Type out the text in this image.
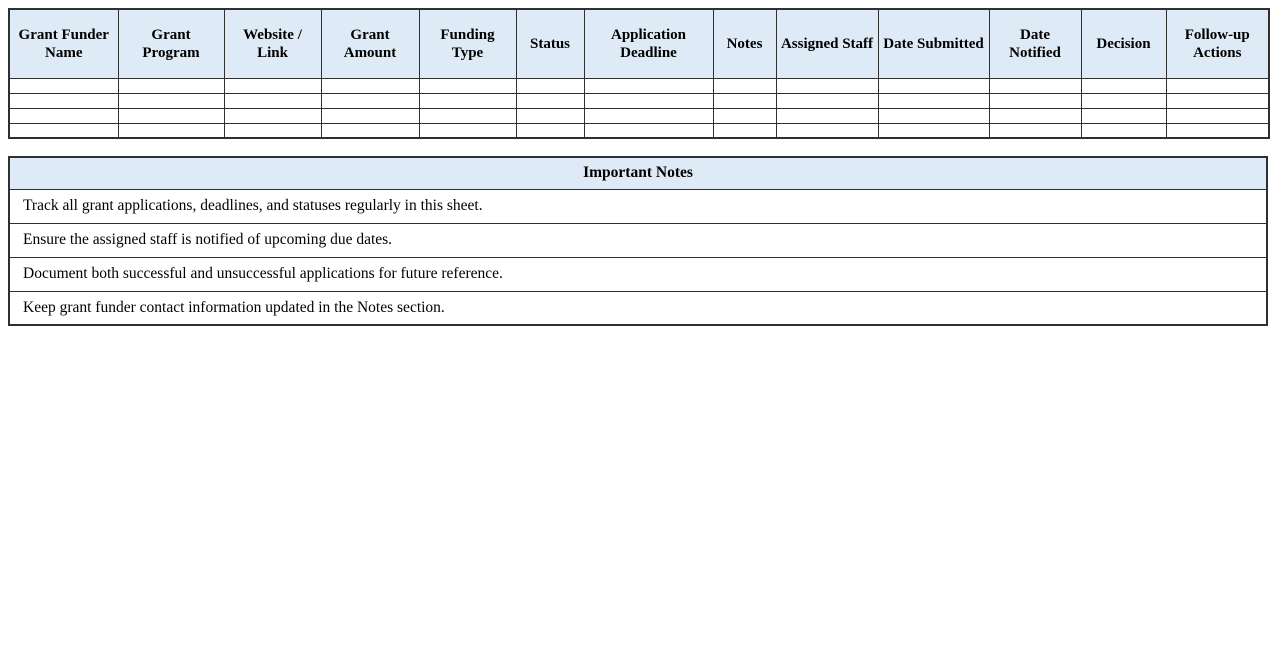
Grant Funder Name	Grant Program	Website / Link	Grant Amount	Funding Type	Status	Application Deadline	Notes	Assigned Staff	Date Submitted	Date Notified	Decision	Follow-up Actions

Important Notes
Track all grant applications, deadlines, and statuses regularly in this sheet.
Ensure the assigned staff is notified of upcoming due dates.
Document both successful and unsuccessful applications for future reference.
Keep grant funder contact information updated in the Notes section.
